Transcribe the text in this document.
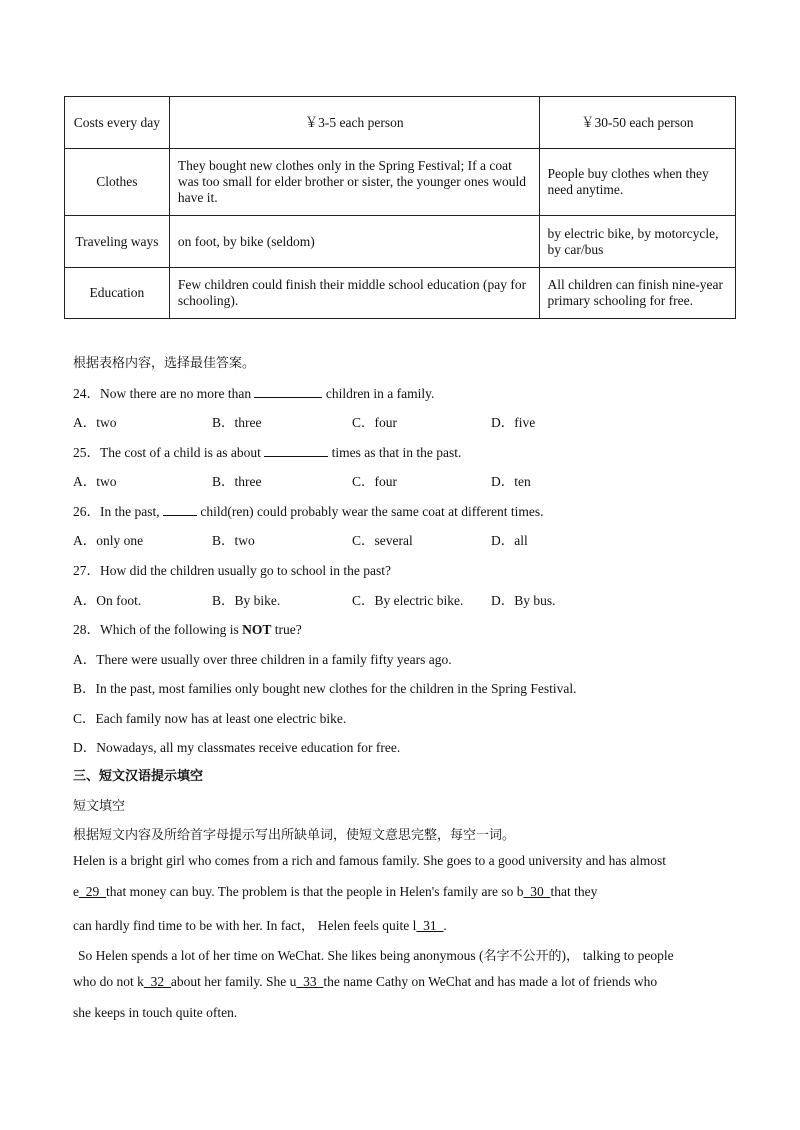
Costs every day	￥3-5 each person	￥30-50 each person
Clothes	They bought new clothes only in the Spring Festival; If a coat was too small for elder brother or sister, the younger ones would have it.	People buy clothes when they need anytime.
Traveling ways	on foot, by bike (seldom)	by electric bike, by motorcycle, by car/bus
Education	Few children could finish their middle school education (pay for schooling).	All children can finish nine-year primary schooling for free.
根据表格内容，选择最佳答案。
24．Now there are no more than	children in a family.
A．two	B．three	C．four	D．five
25．The cost of a child is as about	times as that in the past.
A．two	B．three	C．four	D．ten
26．In the past,	child(ren) could probably wear the same coat at different times.
A．only one	B．two	C．several	D．all
27．How did the children usually go to school in the past?
A．On foot.	B．By bike.	C．By electric bike. D．By bus.
28．Which of the following is NOT true?
A．There were usually over three children in a family fifty years ago.
B．In the past, most families only bought new clothes for the children in the Spring Festival.
C．Each family now has at least one electric bike.
D．Nowadays, all my classmates receive education for free.
三、短文汉语提示填空
短文填空
根据短文内容及所给首字母提示写出所缺单词，使短文意思完整，每空一词。
Helen is a bright girl who comes from a rich and famous family. She goes to a good university and has almost
e  29  that money can buy. The problem is that the people in Helen's family are so b  30  that they
can hardly find time to be with her. In fact， Helen feels quite l  31  .
So Helen spends a lot of her time on WeChat. She likes being anonymous (名字不公开的)， talking to people
who do not k  32  about her family. She u  33  the name Cathy on WeChat and has made a lot of friends who
she keeps in touch quite often.
